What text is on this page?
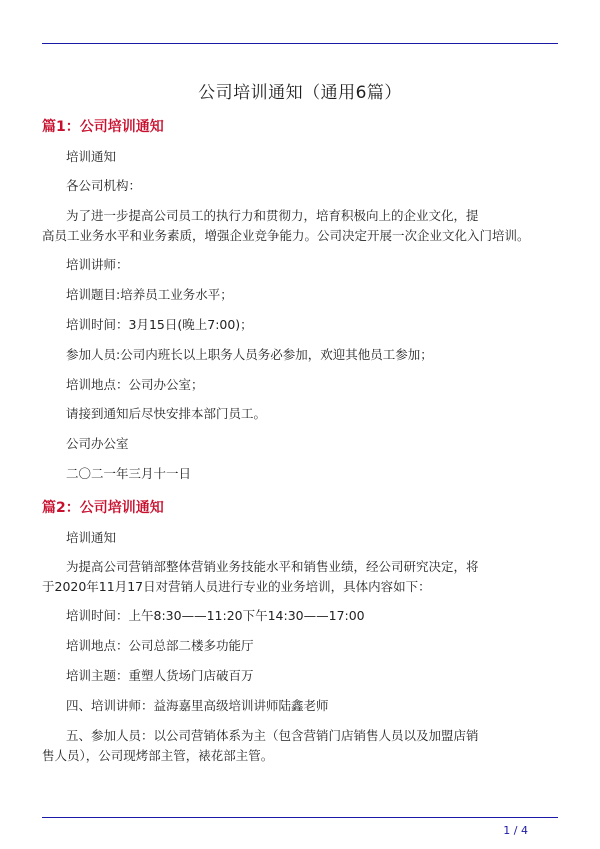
公司培训通知（通用6篇）
篇1：公司培训通知
培训通知
各公司机构：
为了进一步提高公司员工的执行力和贯彻力，培育积极向上的企业文化，提
高员工业务水平和业务素质，增强企业竞争能力。公司决定开展一次企业文化入门培训。
培训讲师：
培训题目:培养员工业务水平；
培训时间：3月15日(晚上7:00)；
参加人员:公司内班长以上职务人员务必参加，欢迎其他员工参加；
培训地点：公司办公室；
请接到通知后尽快安排本部门员工。
公司办公室
二〇二一年三月十一日
篇2：公司培训通知
培训通知
为提高公司营销部整体营销业务技能水平和销售业绩，经公司研究决定，将
于2020年11月17日对营销人员进行专业的业务培训，具体内容如下：
培训时间：上午8:30——11:20下午14:30——17:00
培训地点：公司总部二楼多功能厅
培训主题：重塑人货场门店破百万
四、培训讲师：益海嘉里高级培训讲师陆鑫老师
五、参加人员：以公司营销体系为主（包含营销门店销售人员以及加盟店销
售人员），公司现烤部主管，裱花部主管。
1 / 4
